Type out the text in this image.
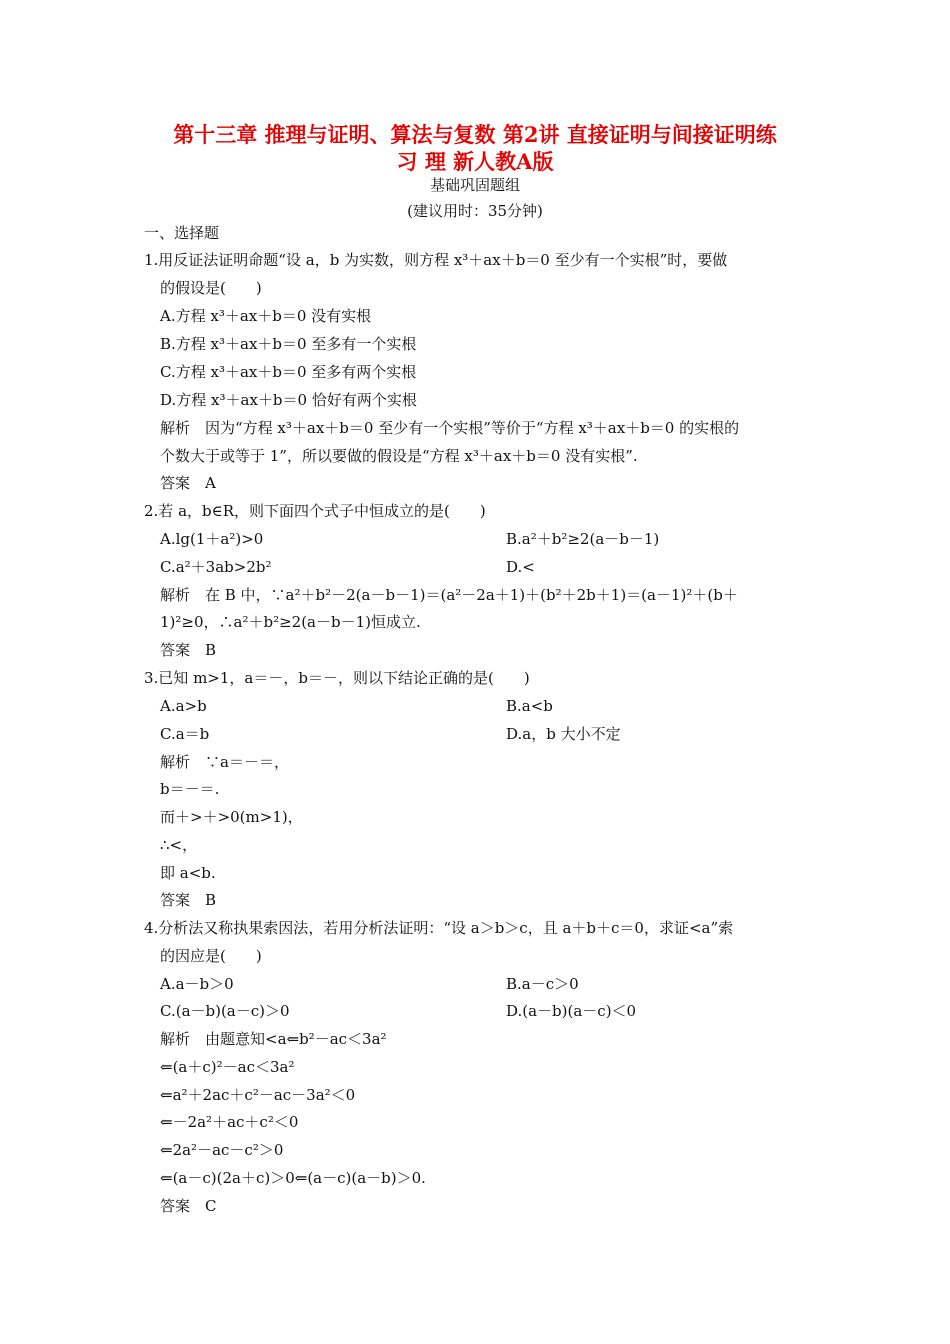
第十三章 推理与证明、算法与复数 第2讲 直接证明与间接证明练
习 理 新人教A版
基础巩固题组
(建议用时：35分钟)
一、选择题
1.用反证法证明命题“设 a，b 为实数，则方程 x³＋ax＋b＝0 至少有一个实根”时，要做
的假设是(　　)
A.方程 x³＋ax＋b＝0 没有实根
B.方程 x³＋ax＋b＝0 至多有一个实根
C.方程 x³＋ax＋b＝0 至多有两个实根
D.方程 x³＋ax＋b＝0 恰好有两个实根
解析　因为“方程 x³＋ax＋b＝0 至少有一个实根”等价于“方程 x³＋ax＋b＝0 的实根的
个数大于或等于 1”，所以要做的假设是“方程 x³＋ax＋b＝0 没有实根”.
答案　A
2.若 a，b∈R，则下面四个式子中恒成立的是(　　)
A.lg(1＋a²)>0	B.a²＋b²≥2(a－b－1)
C.a²＋3ab>2b²	D.<
解析　在 B 中，∵a²＋b²－2(a－b－1)＝(a²－2a＋1)＋(b²＋2b＋1)＝(a－1)²＋(b＋
1)²≥0，∴a²＋b²≥2(a－b－1)恒成立.
答案　B
3.已知 m>1，a＝－，b＝－，则以下结论正确的是(　　)
A.a>b	B.a<b
C.a＝b	D.a，b 大小不定
解析　∵a＝－＝，
b＝－＝.
而＋>＋>0(m>1)，
∴<，
即 a<b.
答案　B
4.分析法又称执果索因法，若用分析法证明：“设 a＞b＞c，且 a＋b＋c＝0，求证<a”索
的因应是(　　)
A.a－b＞0	B.a－c＞0
C.(a－b)(a－c)＞0	D.(a－b)(a－c)＜0
解析　由题意知<a⇐b²－ac＜3a²
⇐(a＋c)²－ac＜3a²
⇐a²＋2ac＋c²－ac－3a²＜0
⇐－2a²＋ac＋c²＜0
⇐2a²－ac－c²＞0
⇐(a－c)(2a＋c)＞0⇐(a－c)(a－b)＞0.
答案　C
